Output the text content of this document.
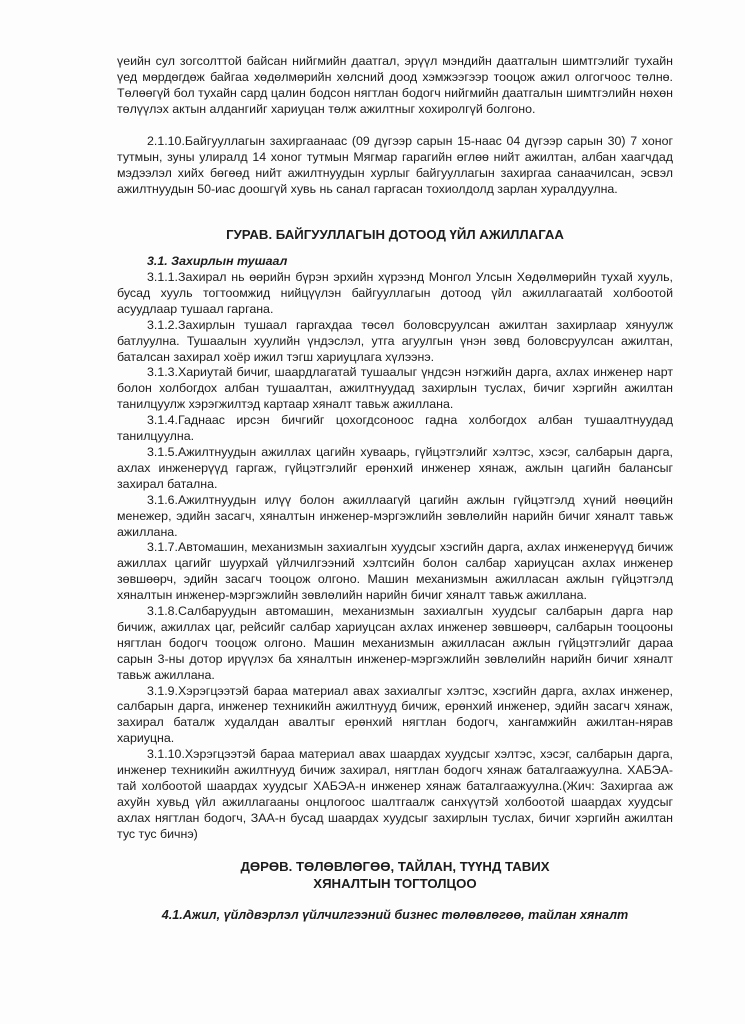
үеийн сул зогсолттой байсан нийгмийн даатгал, эрүүл мэндийн даатгалын шимтгэлийг тухайн үед мөрдөгдөж байгаа хөдөлмөрийн хөлсний доод хэмжээгээр тооцож ажил олгогчоос төлнө. Төлөөгүй бол тухайн сард цалин бодсон нягтлан бодогч нийгмийн даатгалын шимтгэлийн нөхөн төлүүлэх актын алдангийг хариуцан төлж ажилтныг хохиролгүй болгоно.

2.1.10.Байгууллагын захиргаанаас (09 дүгээр сарын 15-наас 04 дүгээр сарын 30) 7 хоног тутмын, зуны улиралд 14 хоног тутмын Мягмар гарагийн өглөө нийт ажилтан, албан хаагчдад мэдээлэл хийх бөгөөд нийт ажилтнуудын хурлыг байгууллагын захиргаа санаачилсан, эсвэл ажилтнуудын 50-иас доошгүй хувь нь санал гаргасан тохиолдолд зарлан хуралдуулна.

ГУРАВ. БАЙГУУЛЛАГЫН ДОТООД ҮЙЛ АЖИЛЛАГАА
3.1. Захирлын тушаал

3.1.1.Захирал нь өөрийн бүрэн эрхийн хүрээнд Монгол Улсын Хөдөлмөрийн тухай хууль, бусад хууль тогтоомжид нийцүүлэн байгууллагын дотоод үйл ажиллагаатай холбоотой асуудлаар тушаал гаргана.

3.1.2.Захирлын тушаал гаргахдаа төсөл боловсруулсан ажилтан захирлаар хянуулж батлуулна. Тушаалын хуулийн үндэслэл, утга агуулгын үнэн зөвд боловсруулсан ажилтан, баталсан захирал хоёр ижил тэгш хариуцлага хүлээнэ.

3.1.3.Хариутай бичиг, шаардлагатай тушаалыг үндсэн нэгжийн дарга, ахлах инженер нарт болон холбогдох албан тушаалтан, ажилтнуудад захирлын туслах, бичиг хэргийн ажилтан танилцуулж хэрэгжилтэд картаар хяналт тавьж ажиллана.

3.1.4.Гаднаас ирсэн бичгийг цохогдсоноос гадна холбогдох албан тушаалтнуудад танилцуулна.

3.1.5.Ажилтнуудын ажиллах цагийн хуваарь, гүйцэтгэлийг хэлтэс, хэсэг, салбарын дарга, ахлах инженерүүд гаргаж, гүйцэтгэлийг ерөнхий инженер хянаж, ажлын цагийн балансыг захирал батална.

3.1.6.Ажилтнуудын илүү болон ажиллаагүй цагийн ажлын гүйцэтгэлд хүний нөөцийн менежер, эдийн засагч, хяналтын инженер-мэргэжлийн зөвлөлийн нарийн бичиг хяналт тавьж ажиллана.

3.1.7.Автомашин, механизмын захиалгын хуудсыг хэсгийн дарга, ахлах инженерүүд бичиж ажиллах цагийг шуурхай үйлчилгээний хэлтсийн болон салбар хариуцсан ахлах инженер зөвшөөрч, эдийн засагч тооцож олгоно. Машин механизмын ажилласан ажлын гүйцэтгэлд хяналтын инженер-мэргэжлийн зөвлөлийн нарийн бичиг хяналт тавьж ажиллана.

3.1.8.Салбаруудын автомашин, механизмын захиалгын хуудсыг салбарын дарга нар бичиж, ажиллах цаг, рейсийг салбар хариуцсан ахлах инженер зөвшөөрч, салбарын тооцооны нягтлан бодогч тооцож олгоно. Машин механизмын ажилласан ажлын гүйцэтгэлийг дараа сарын 3-ны дотор ирүүлэх ба хяналтын инженер-мэргэжлийн зөвлөлийн нарийн бичиг хяналт тавьж ажиллана.

3.1.9.Хэрэгцээтэй бараа материал авах захиалгыг хэлтэс, хэсгийн дарга, ахлах инженер, салбарын дарга, инженер техникийн ажилтнууд бичиж, ерөнхий инженер, эдийн засагч хянаж, захирал баталж худалдан авалтыг ерөнхий нягтлан бодогч, хангамжийн ажилтан-нярав хариуцна.

3.1.10.Хэрэгцээтэй бараа материал авах шаардах хуудсыг хэлтэс, хэсэг, салбарын дарга, инженер техникийн ажилтнууд бичиж захирал, нягтлан бодогч хянаж баталгаажуулна. ХАБЭА-тай холбоотой шаардах хуудсыг ХАБЭА-н инженер хянаж баталгаажуулна.(Жич: Захиргаа аж ахуйн хувьд үйл ажиллагааны онцлогоос шалтгаалж санхүүтэй холбоотой шаардах хуудсыг ахлах нягтлан бодогч, ЗАА-н бусад шаардах хуудсыг захирлын туслах, бичиг хэргийн ажилтан тус тус бичнэ)

ДӨРӨВ. ТӨЛӨВЛӨГӨӨ, ТАЙЛАН, ТҮҮНД ТАВИХ
ХЯНАЛТЫН ТОГТОЛЦОО
4.1.Ажил, үйлдвэрлэл үйлчилгээний бизнес төлөвлөгөө, тайлан хяналт
